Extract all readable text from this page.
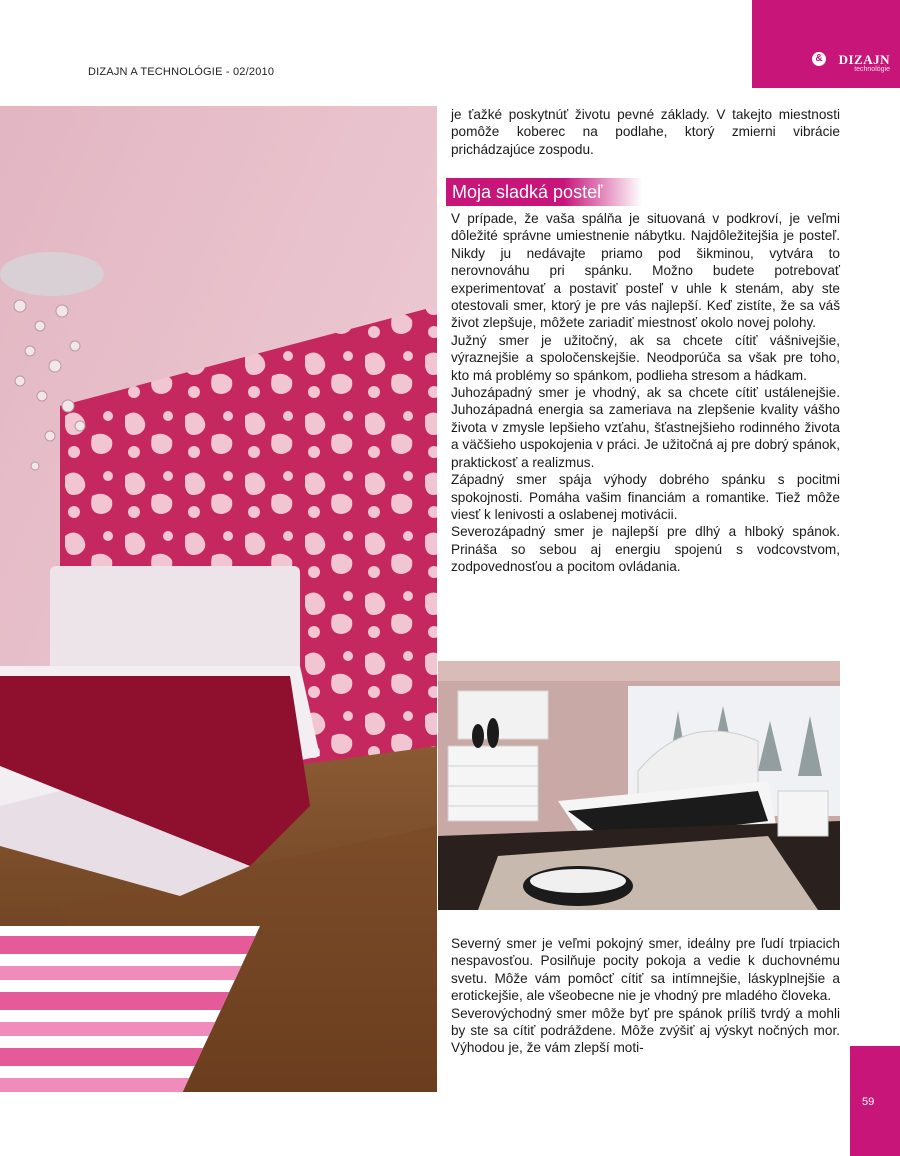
DIZAJN A TECHNOLÓGIE - 02/2010
& DIZAJN
technológie

je ťažké poskytnúť životu pevné základy. V takejto miestnosti pomôže koberec na podlahe, ktorý zmierni vibrácie prichádzajúce zospodu.

Moja sladká posteľ

V prípade, že vaša spálňa je situovaná v podkroví, je veľmi dôležité správne umiestnenie nábytku. Najdôležitejšia je posteľ. Nikdy ju nedávajte priamo pod šikminou, vytvára to nerovnováhu pri spánku. Možno budete potrebovať experimentovať a postaviť posteľ v uhle k stenám, aby ste otestovali smer, ktorý je pre vás najlepší. Keď zistíte, že sa váš život zlepšuje, môžete zariadiť miestnosť okolo novej polohy.

Južný smer je užitočný, ak sa chcete cítiť vášnivejšie, výraznejšie a spoločenskejšie. Neodporúča sa však pre toho, kto má problémy so spánkom, podlieha stresom a hádkam.

Juhozápadný smer je vhodný, ak sa chcete cítiť ustálenejšie. Juhozápadná energia sa zameriava na zlepšenie kvality vášho života v zmysle lepšieho vzťahu, šťastnejšieho rodinného života a väčšieho uspokojenia v práci. Je užitočná aj pre dobrý spánok, praktickosť a realizmus.

Západný smer spája výhody dobrého spánku s pocitmi spokojnosti. Pomáha vašim financiám a romantike. Tiež môže viesť k lenivosti a oslabenej motivácii.

Severozápadný smer je najlepší pre dlhý a hlboký spánok. Prináša so sebou aj energiu spojenú s vodcovstvom, zodpovednosťou a pocitom ovládania.

Severný smer je veľmi pokojný smer, ideálny pre ľudí trpiacich nespavosťou. Posilňuje pocity pokoja a vedie k duchovnému svetu. Môže vám pomôcť cítiť sa intímnejšie, láskyplnejšie a erotickejšie, ale všeobecne nie je vhodný pre mladého človeka.

Severovýchodný smer môže byť pre spánok príliš tvrdý a mohli by ste sa cítiť podráždene. Môže zvýšiť aj výskyt nočných mor. Výhodou je, že vám zlepší moti-

59
